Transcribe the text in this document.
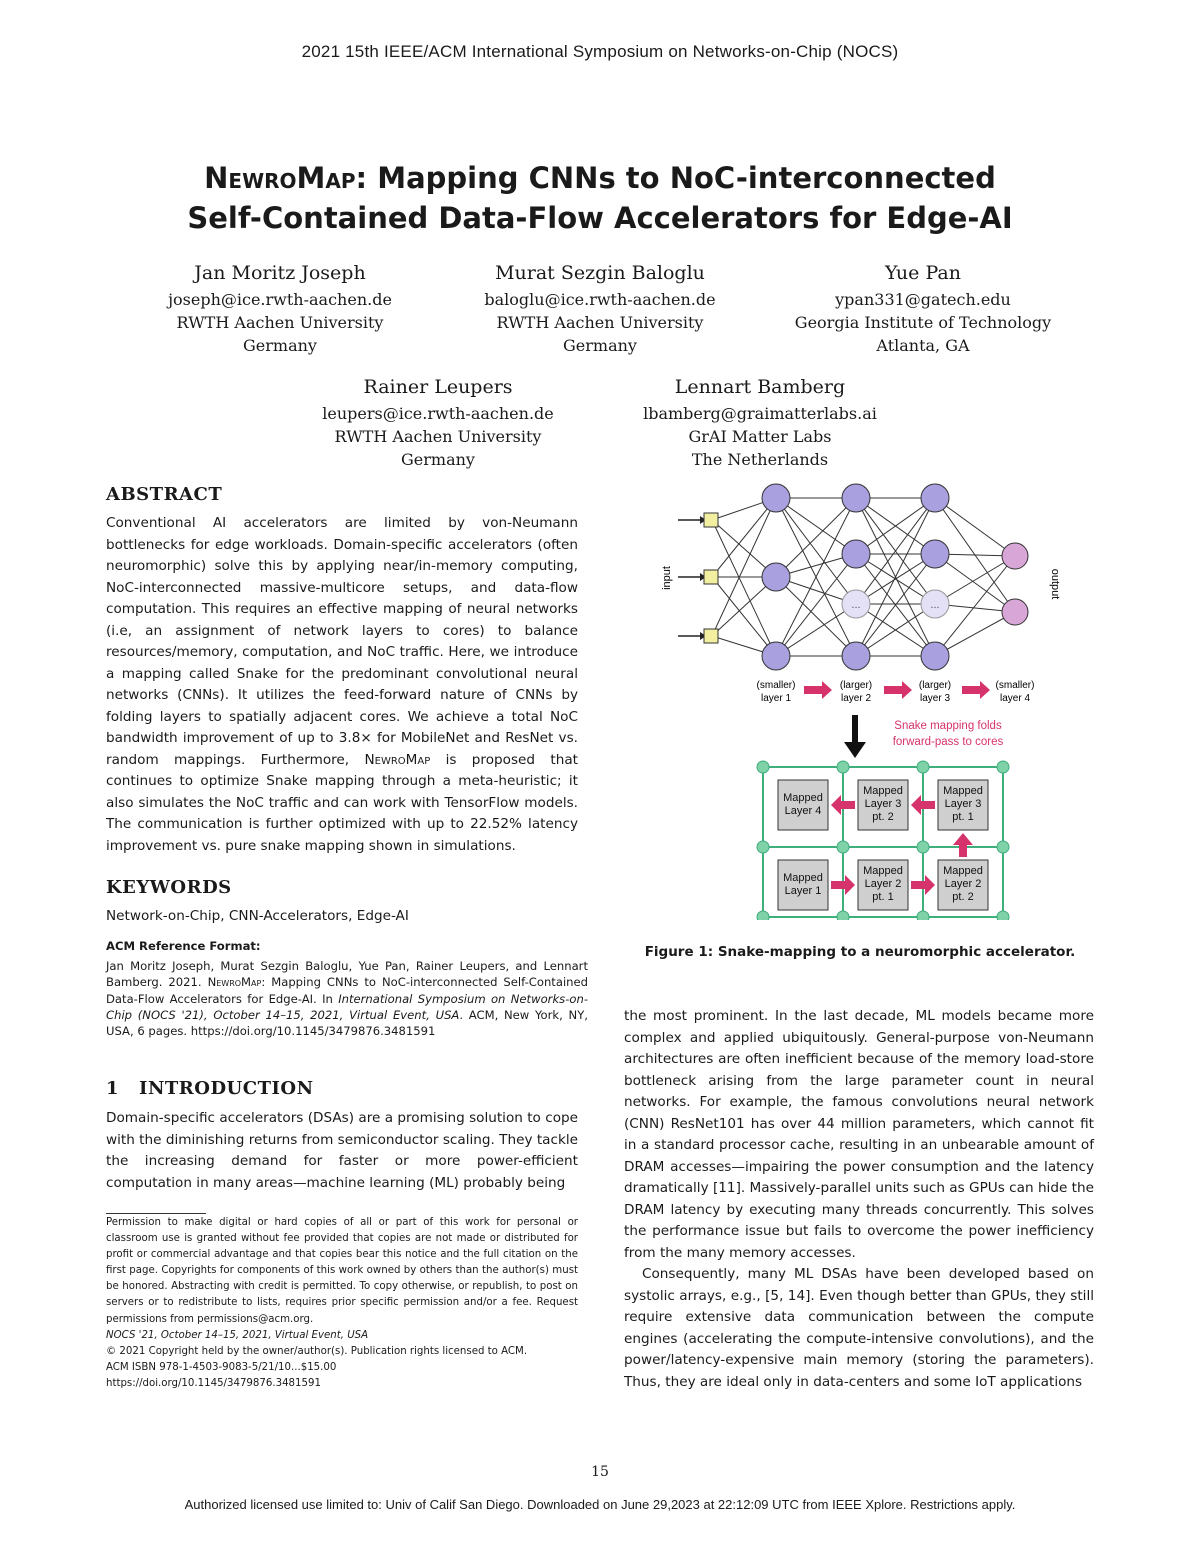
2021 15th IEEE/ACM International Symposium on Networks-on-Chip (NOCS)
NewroMap: Mapping CNNs to NoC-interconnected
Self-Contained Data-Flow Accelerators for Edge-AI
Jan Moritz Joseph
joseph@ice.rwth-aachen.de
RWTH Aachen University
Germany
Murat Sezgin Baloglu
baloglu@ice.rwth-aachen.de
RWTH Aachen University
Germany
Yue Pan
ypan331@gatech.edu
Georgia Institute of Technology
Atlanta, GA
Rainer Leupers
leupers@ice.rwth-aachen.de
RWTH Aachen University
Germany
Lennart Bamberg
lbamberg@graimatterlabs.ai
GrAI Matter Labs
The Netherlands
ABSTRACT
Conventional AI accelerators are limited by von-Neumann bottlenecks for edge workloads. Domain-specific accelerators (often neuromorphic) solve this by applying near/in-memory computing, NoC-interconnected massive-multicore setups, and data-flow computation. This requires an effective mapping of neural networks (i.e, an assignment of network layers to cores) to balance resources/memory, computation, and NoC traffic. Here, we introduce a mapping called Snake for the predominant convolutional neural networks (CNNs). It utilizes the feed-forward nature of CNNs by folding layers to spatially adjacent cores. We achieve a total NoC bandwidth improvement of up to 3.8× for MobileNet and ResNet vs. random mappings. Furthermore, NewroMap is proposed that continues to optimize Snake mapping through a meta-heuristic; it also simulates the NoC traffic and can work with TensorFlow models. The communication is further optimized with up to 22.52% latency improvement vs. pure snake mapping shown in simulations.
KEYWORDS
Network-on-Chip, CNN-Accelerators, Edge-AI
ACM Reference Format:
Jan Moritz Joseph, Murat Sezgin Baloglu, Yue Pan, Rainer Leupers, and Lennart Bamberg. 2021. NewroMap: Mapping CNNs to NoC-interconnected Self-Contained Data-Flow Accelerators for Edge-AI. In International Symposium on Networks-on-Chip (NOCS '21), October 14–15, 2021, Virtual Event, USA. ACM, New York, NY, USA, 6 pages. https://doi.org/10.1145/3479876.3481591
1 INTRODUCTION
Domain-specific accelerators (DSAs) are a promising solution to cope with the diminishing returns from semiconductor scaling. They tackle the increasing demand for faster or more power-efficient computation in many areas—machine learning (ML) probably being
Permission to make digital or hard copies of all or part of this work for personal or classroom use is granted without fee provided that copies are not made or distributed for profit or commercial advantage and that copies bear this notice and the full citation on the first page. Copyrights for components of this work owned by others than the author(s) must be honored. Abstracting with credit is permitted. To copy otherwise, or republish, to post on servers or to redistribute to lists, requires prior specific permission and/or a fee. Request permissions from permissions@acm.org.
NOCS '21, October 14–15, 2021, Virtual Event, USA
© 2021 Copyright held by the owner/author(s). Publication rights licensed to ACM.
ACM ISBN 978-1-4503-9083-5/21/10...$15.00
https://doi.org/10.1145/3479876.3481591
...	...
input	output
(smaller)
layer 1
(larger)
layer 2
(larger)
layer 3
(smaller)
layer 4
Snake mapping folds
forward-pass to cores
Mapped
Layer 4
Mapped
Layer 3
pt. 2
Mapped
Layer 3
pt. 1
Mapped
Layer 1
Mapped
Layer 2
pt. 1
Mapped
Layer 2
pt. 2
Figure 1: Snake-mapping to a neuromorphic accelerator.
the most prominent. In the last decade, ML models became more complex and applied ubiquitously. General-purpose von-Neumann architectures are often inefficient because of the memory load-store bottleneck arising from the large parameter count in neural networks. For example, the famous convolutions neural network (CNN) ResNet101 has over 44 million parameters, which cannot fit in a standard processor cache, resulting in an unbearable amount of DRAM accesses—impairing the power consumption and the latency dramatically [11]. Massively-parallel units such as GPUs can hide the DRAM latency by executing many threads concurrently. This solves the performance issue but fails to overcome the power inefficiency from the many memory accesses.
Consequently, many ML DSAs have been developed based on systolic arrays, e.g., [5, 14]. Even though better than GPUs, they still require extensive data communication between the compute engines (accelerating the compute-intensive convolutions), and the power/latency-expensive main memory (storing the parameters). Thus, they are ideal only in data-centers and some IoT applications
15
Authorized licensed use limited to: Univ of Calif San Diego. Downloaded on June 29,2023 at 22:12:09 UTC from IEEE Xplore. Restrictions apply.
